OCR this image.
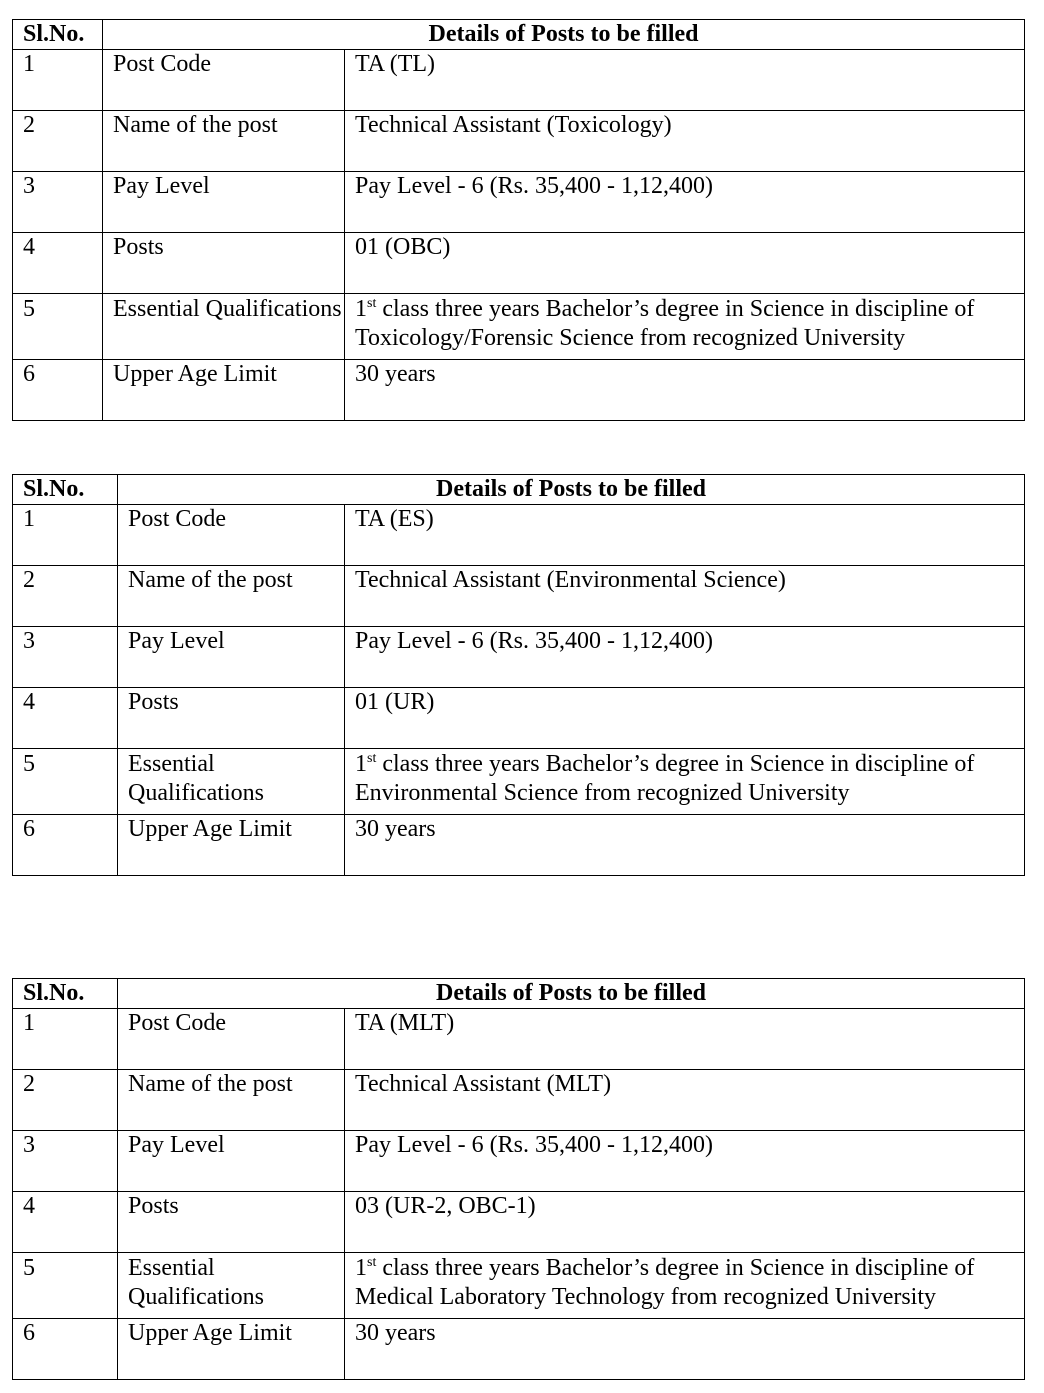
Sl.No.	Details of Posts to be filled	
1	Post Code	TA (TL)
2	Name of the post	Technical Assistant (Toxicology)
3	Pay Level	Pay Level - 6 (Rs. 35,400 - 1,12,400)
4	Posts	01 (OBC)
5	Essential Qualifications	1st class three years Bachelor’s degree in Science in discipline of Toxicology/Forensic Science from recognized University
6	Upper Age Limit	30 years
Sl.No.	Details of Posts to be filled	
1	Post Code	TA (ES)
2	Name of the post	Technical Assistant (Environmental Science)
3	Pay Level	Pay Level - 6 (Rs. 35,400 - 1,12,400)
4	Posts	01 (UR)
5	Essential Qualifications	1st class three years Bachelor’s degree in Science in discipline of Environmental Science from recognized University
6	Upper Age Limit	30 years
Sl.No.	Details of Posts to be filled	
1	Post Code	TA (MLT)
2	Name of the post	Technical Assistant (MLT)
3	Pay Level	Pay Level - 6 (Rs. 35,400 - 1,12,400)
4	Posts	03 (UR-2, OBC-1)
5	Essential Qualifications	1st class three years Bachelor’s degree in Science in discipline of Medical Laboratory Technology from recognized University
6	Upper Age Limit	30 years
